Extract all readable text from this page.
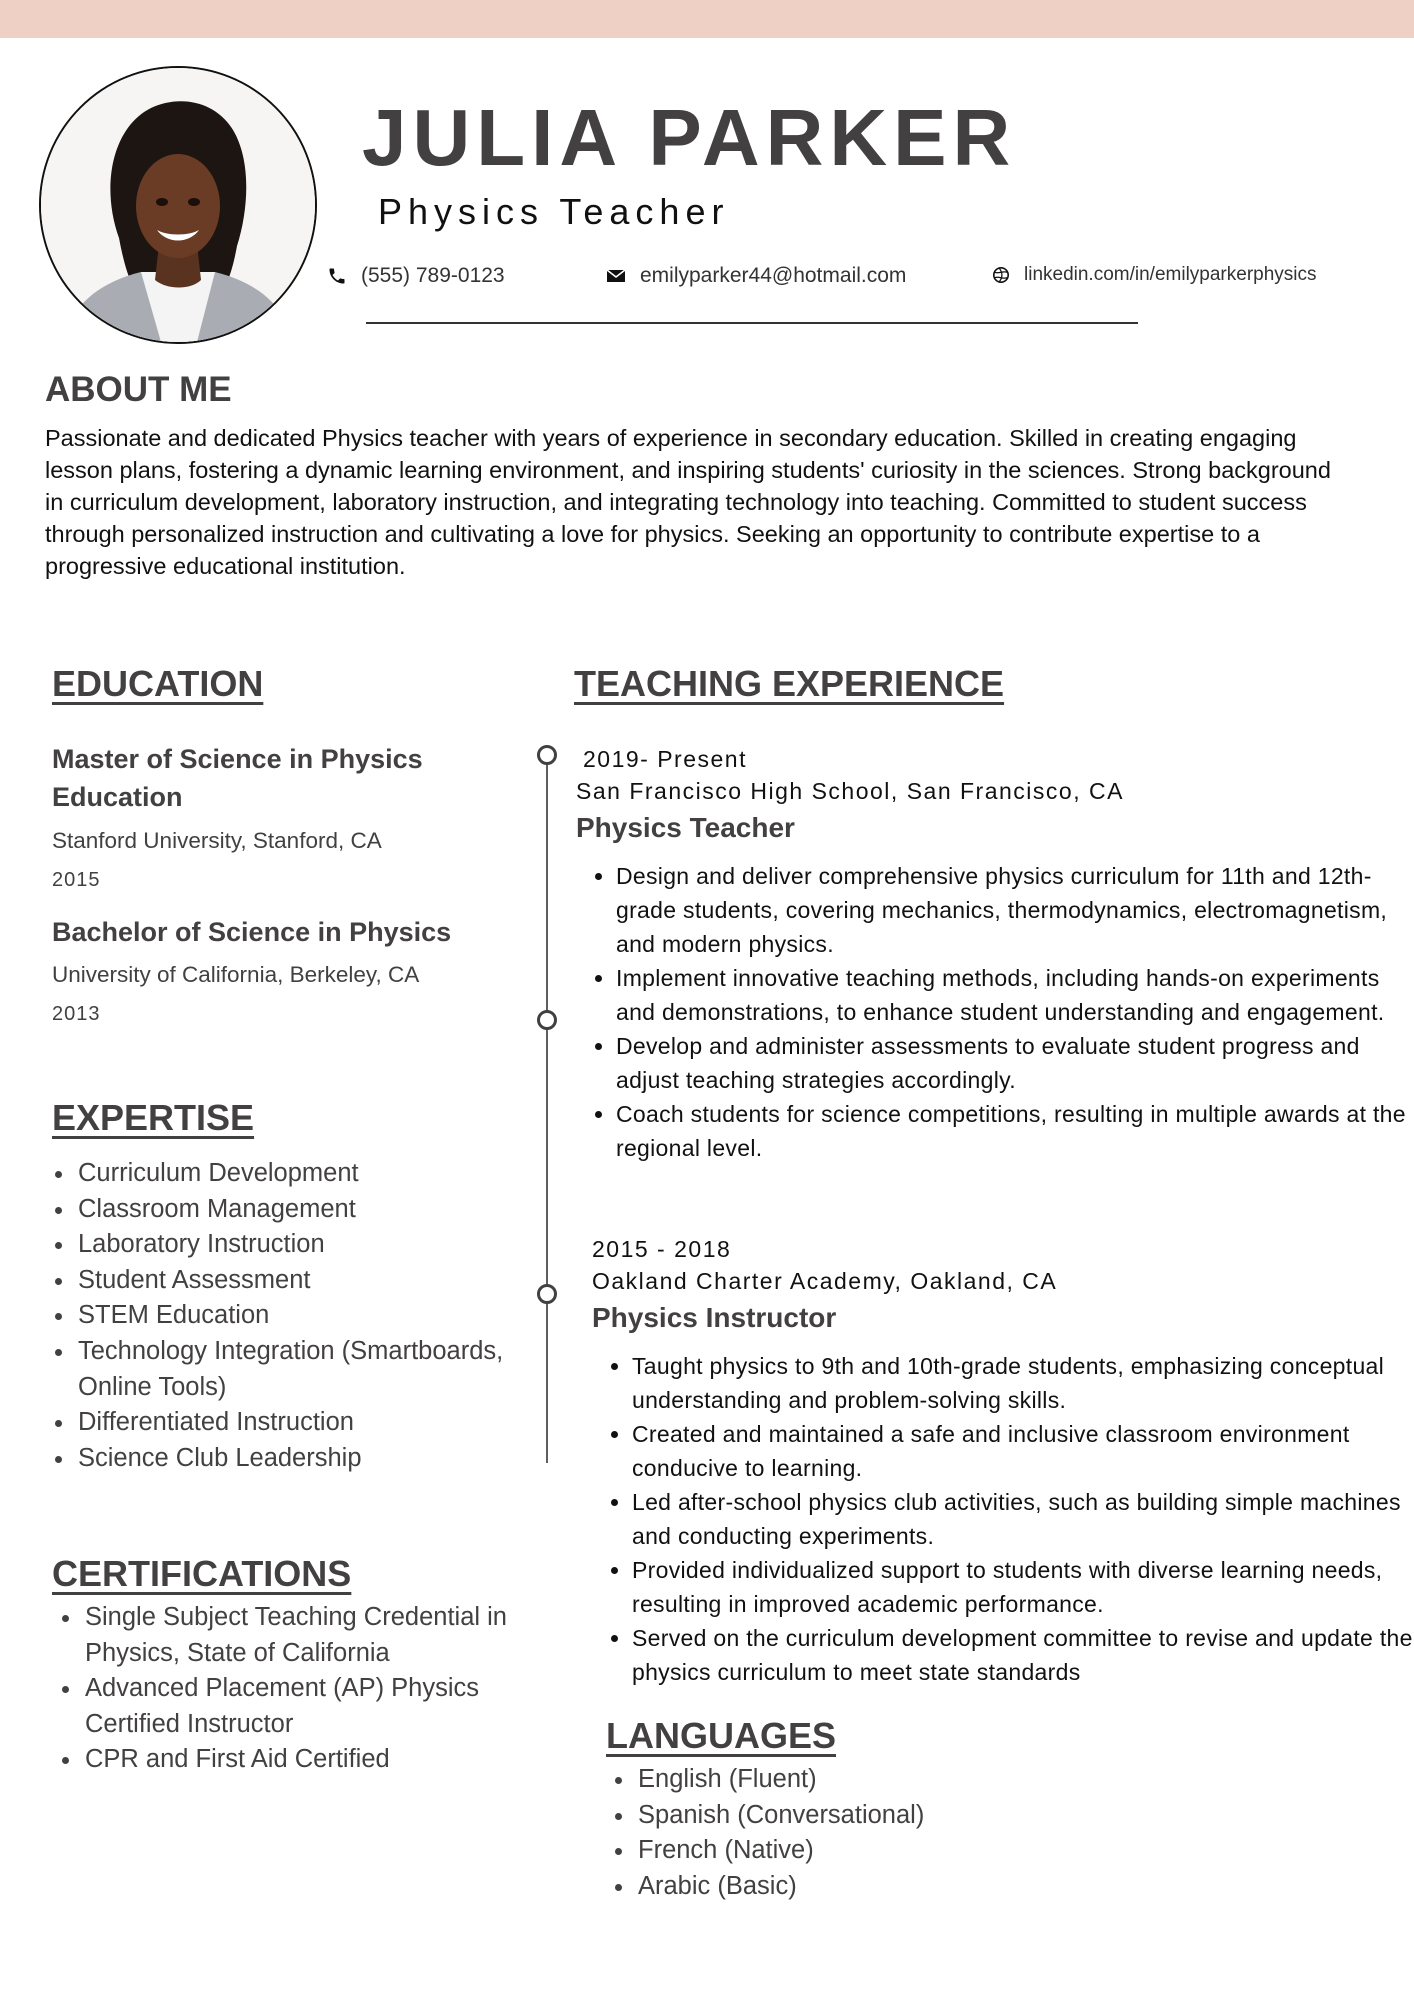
JULIA PARKER
Physics Teacher
(555) 789-0123	emilyparker44@hotmail.com	linkedin.com/in/emilyparkerphysics
ABOUT ME

Passionate and dedicated Physics teacher with years of experience in secondary education. Skilled in creating engaging lesson plans, fostering a dynamic learning environment, and inspiring students' curiosity in the sciences. Strong background in curriculum development, laboratory instruction, and integrating technology into teaching. Committed to student success through personalized instruction and cultivating a love for physics. Seeking an opportunity to contribute expertise to a progressive educational institution.

EDUCATION
Master of Science in Physics Education
Stanford University, Stanford, CA
2015
Bachelor of Science in Physics
University of California, Berkeley, CA
2013
EXPERTISE
• Curriculum Development
• Classroom Management
• Laboratory Instruction
• Student Assessment
• STEM Education
• Technology Integration (Smartboards, Online Tools)
• Differentiated Instruction
• Science Club Leadership
CERTIFICATIONS
• Single Subject Teaching Credential in Physics, State of California
• Advanced Placement (AP) Physics Certified Instructor
• CPR and First Aid Certified
TEACHING EXPERIENCE
2019- Present
San Francisco High School, San Francisco, CA
Physics Teacher
• Design and deliver comprehensive physics curriculum for 11th and 12th-grade students, covering mechanics, thermodynamics, electromagnetism, and modern physics.
• Implement innovative teaching methods, including hands-on experiments and demonstrations, to enhance student understanding and engagement.
• Develop and administer assessments to evaluate student progress and adjust teaching strategies accordingly.
• Coach students for science competitions, resulting in multiple awards at the regional level.
2015 - 2018
Oakland Charter Academy, Oakland, CA
Physics Instructor
• Taught physics to 9th and 10th-grade students, emphasizing conceptual understanding and problem-solving skills.
• Created and maintained a safe and inclusive classroom environment conducive to learning.
• Led after-school physics club activities, such as building simple machines and conducting experiments.
• Provided individualized support to students with diverse learning needs, resulting in improved academic performance.
• Served on the curriculum development committee to revise and update the physics curriculum to meet state standards
LANGUAGES
• English (Fluent)
• Spanish (Conversational)
• French (Native)
• Arabic (Basic)
